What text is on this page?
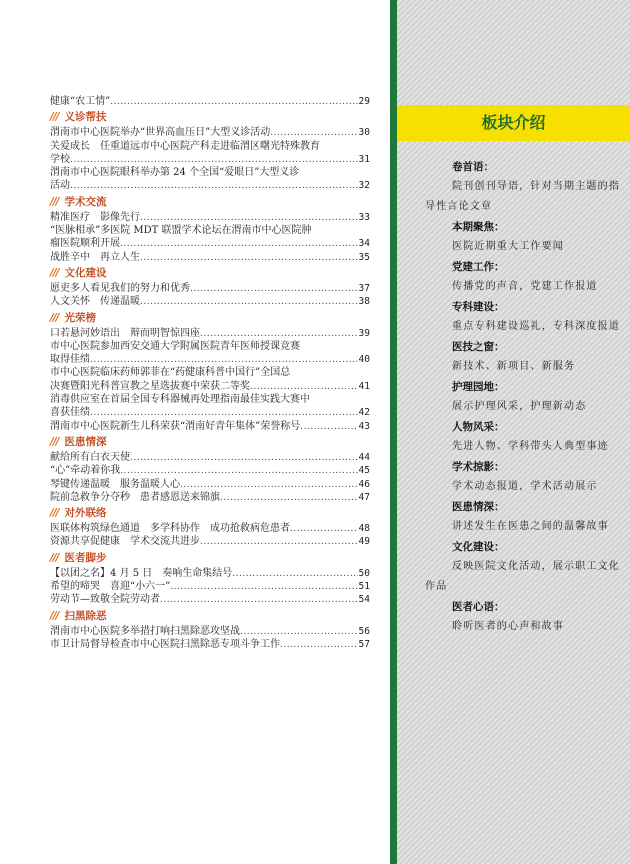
健康“农工情” .....	29
/// 义诊帮扶
渭南市中心医院举办“世界高血压日”大型义诊活动 .....	30
关爱成长　任重道远市中心医院产科走进临渭区曙光特殊教育
学校 .....	31
渭南市中心医院眼科举办第 24 个全国“爱眼日”大型义诊
活动 .....	32
/// 学术交流
精准医疗　影像先行 .....	33
“医脉相承”多医院 MDT 联盟学术论坛在渭南市中心医院肿
瘤医院顺利开展 .....	34
战胜辛中　再立人生 .....	35
/// 文化建设
愿吏多人看见我们的努力和优秀 .....	37
人文关怀　传递温暖 .....	38
/// 光荣榜
口若悬河妙语出　辩而明智惊四座 .....	39
市中心医院参加西安交通大学附属医院青年医师授课竞赛
取得佳绩 .....	40
市中心医院临床药师郭菲在“药健康科普中国行”全国总
决赛暨阳光科普宣教之星选拔赛中荣获二等奖 .....	41
消毒供应室在首届全国专科器械再处理指南最佳实践大赛中
喜获佳绩 .....	42
渭南市中心医院新生儿科荣获“渭南好青年集体”荣誉称号 .....	43
/// 医患情深
献给所有白衣天使 .....	44
“心”牵动着你我 .....	45
琴键传递温暖　服务温暖人心 .....	46
院前急救争分夺秒　患者感恩送来锦旗 .....	47
/// 对外联络
医联体构筑绿色通道　多学科协作　成功抢救病危患者 .....	48
资源共享促健康　学术交流共进步 .....	49
/// 医者脚步
【以团之名】4 月 5 日　奏响生命集结号 .....	50
希望的啼哭　喜迎“小六一” .....	51
劳动节—致敬全院劳动者 .....	54
/// 扫黑除恶
渭南市中心医院多举措打响扫黑除恶攻坚战 .....	56
市卫计局督导检查市中心医院扫黑除恶专项斗争工作 .....	57
板块介绍
卷首语：
院刊创刊导语，针对当期主题的指导性言论文章
本期聚焦：
医院近期重大工作要闻
党建工作：
传播党的声音，党建工作报道
专科建设：
重点专科建设巡礼，专科深度报道
医技之窗：
新技术、新项目、新服务
护理园地：
展示护理风采，护理新动态
人物风采：
先进人物、学科带头人典型事迹
学术掠影：
学术动态报道，学术活动展示
医患情深：
讲述发生在医患之间的温馨故事
文化建设：
反映医院文化活动，展示职工文化作品
医者心语：
聆听医者的心声和故事
